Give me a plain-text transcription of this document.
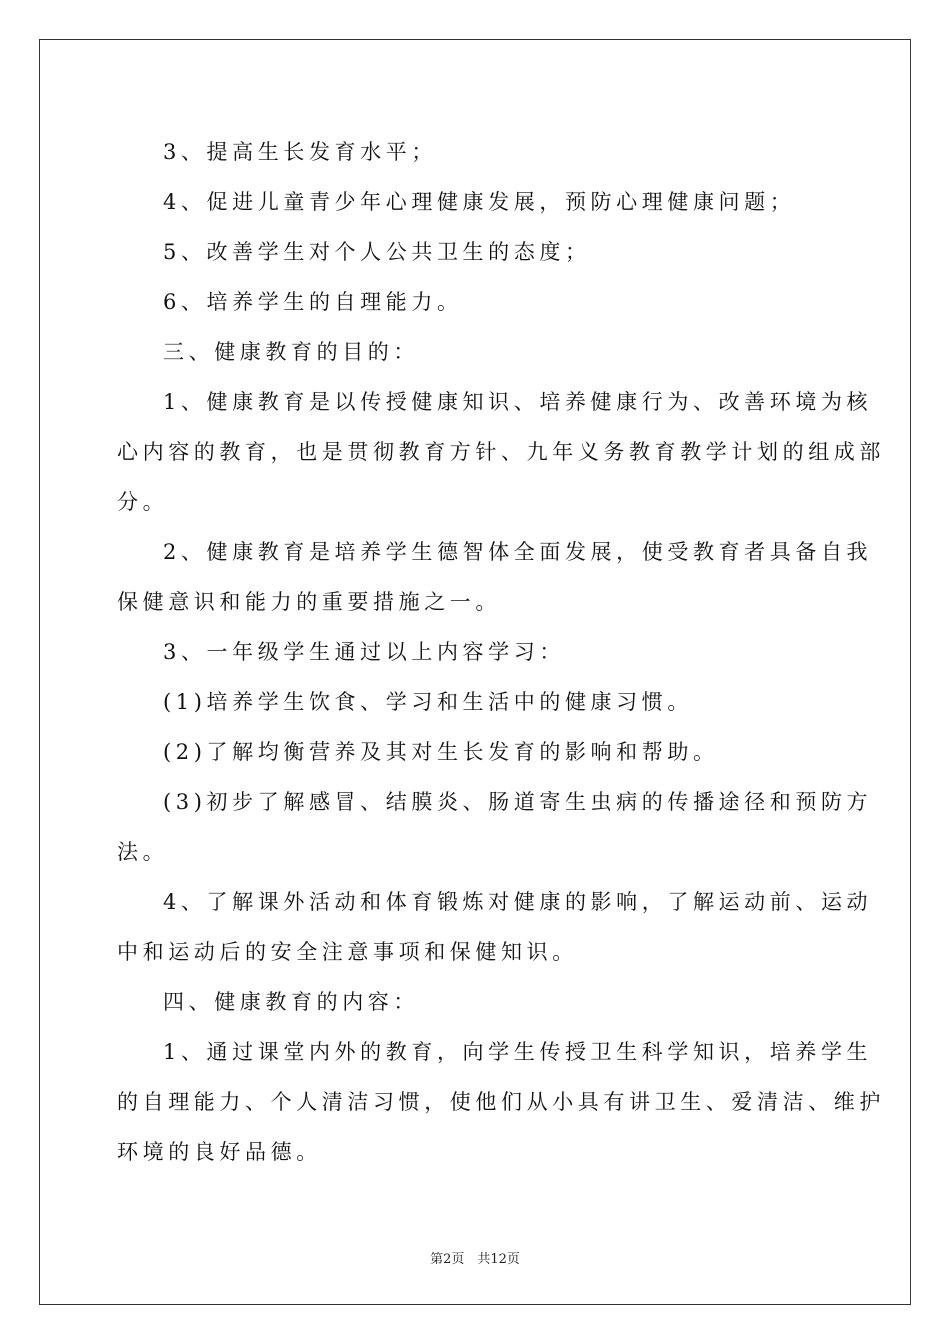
3、提高生长发育水平；

4、促进儿童青少年心理健康发展，预防心理健康问题；

5、改善学生对个人公共卫生的态度；

6、培养学生的自理能力。

三、健康教育的目的：

1、健康教育是以传授健康知识、培养健康行为、改善环境为核

心内容的教育，也是贯彻教育方针、九年义务教育教学计划的组成部

分。

2、健康教育是培养学生德智体全面发展，使受教育者具备自我

保健意识和能力的重要措施之一。

3、一年级学生通过以上内容学习：

(1)培养学生饮食、学习和生活中的健康习惯。

(2)了解均衡营养及其对生长发育的影响和帮助。

(3)初步了解感冒、结膜炎、肠道寄生虫病的传播途径和预防方

法。

4、了解课外活动和体育锻炼对健康的影响，了解运动前、运动

中和运动后的安全注意事项和保健知识。

四、健康教育的内容：

1、通过课堂内外的教育，向学生传授卫生科学知识，培养学生

的自理能力、个人清洁习惯，使他们从小具有讲卫生、爱清洁、维护

环境的良好品德。

第2页　共12页
